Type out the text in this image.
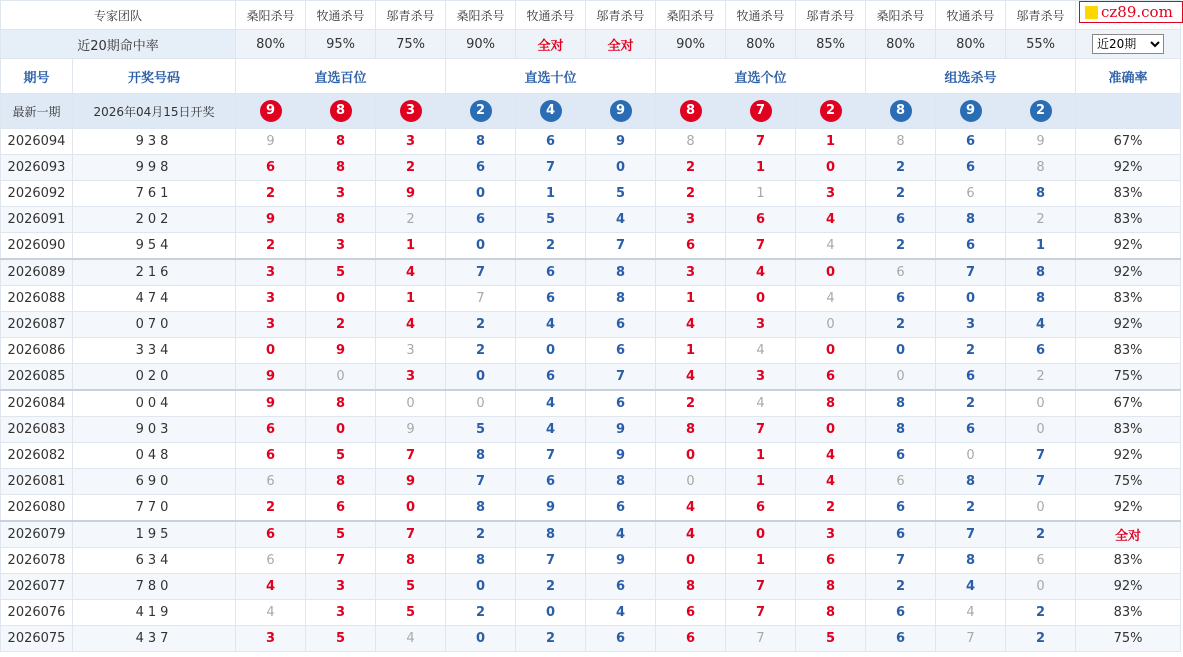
专家团队		桑阳杀号	牧通杀号	邬青杀号	桑阳杀号	牧通杀号	邬青杀号	桑阳杀号	牧通杀号	邬青杀号	桑阳杀号	牧通杀号	邬青杀号	
近20期命中率		80%	95%	75%	90%	全对	全对	90%	80%	85%	80%	80%	55%	
近20期
期号	开奖号码	直选百位			直选十位			直选个位			组选杀号			准确率
最新一期	2026年04月15日开奖	9	8	3	2	4	9	8	7	2	8	9	2	
2026094	938	9	8	3	8	6	9	8	7	1	8	6	9	67%
2026093	998	6	8	2	6	7	0	2	1	0	2	6	8	92%
2026092	761	2	3	9	0	1	5	2	1	3	2	6	8	83%
2026091	202	9	8	2	6	5	4	3	6	4	6	8	2	83%
2026090	954	2	3	1	0	2	7	6	7	4	2	6	1	92%
2026089	216	3	5	4	7	6	8	3	4	0	6	7	8	92%
2026088	474	3	0	1	7	6	8	1	0	4	6	0	8	83%
2026087	070	3	2	4	2	4	6	4	3	0	2	3	4	92%
2026086	334	0	9	3	2	0	6	1	4	0	0	2	6	83%
2026085	020	9	0	3	0	6	7	4	3	6	0	6	2	75%
2026084	004	9	8	0	0	4	6	2	4	8	8	2	0	67%
2026083	903	6	0	9	5	4	9	8	7	0	8	6	0	83%
2026082	048	6	5	7	8	7	9	0	1	4	6	0	7	92%
2026081	690	6	8	9	7	6	8	0	1	4	6	8	7	75%
2026080	770	2	6	0	8	9	6	4	6	2	6	2	0	92%
2026079	195	6	5	7	2	8	4	4	0	3	6	7	2	全对
2026078	634	6	7	8	8	7	9	0	1	6	7	8	6	83%
2026077	780	4	3	5	0	2	6	8	7	8	2	4	0	92%
2026076	419	4	3	5	2	0	4	6	7	8	6	4	2	83%
2026075	437	3	5	4	0	2	6	6	7	5	6	7	2	75%
cz89.com
